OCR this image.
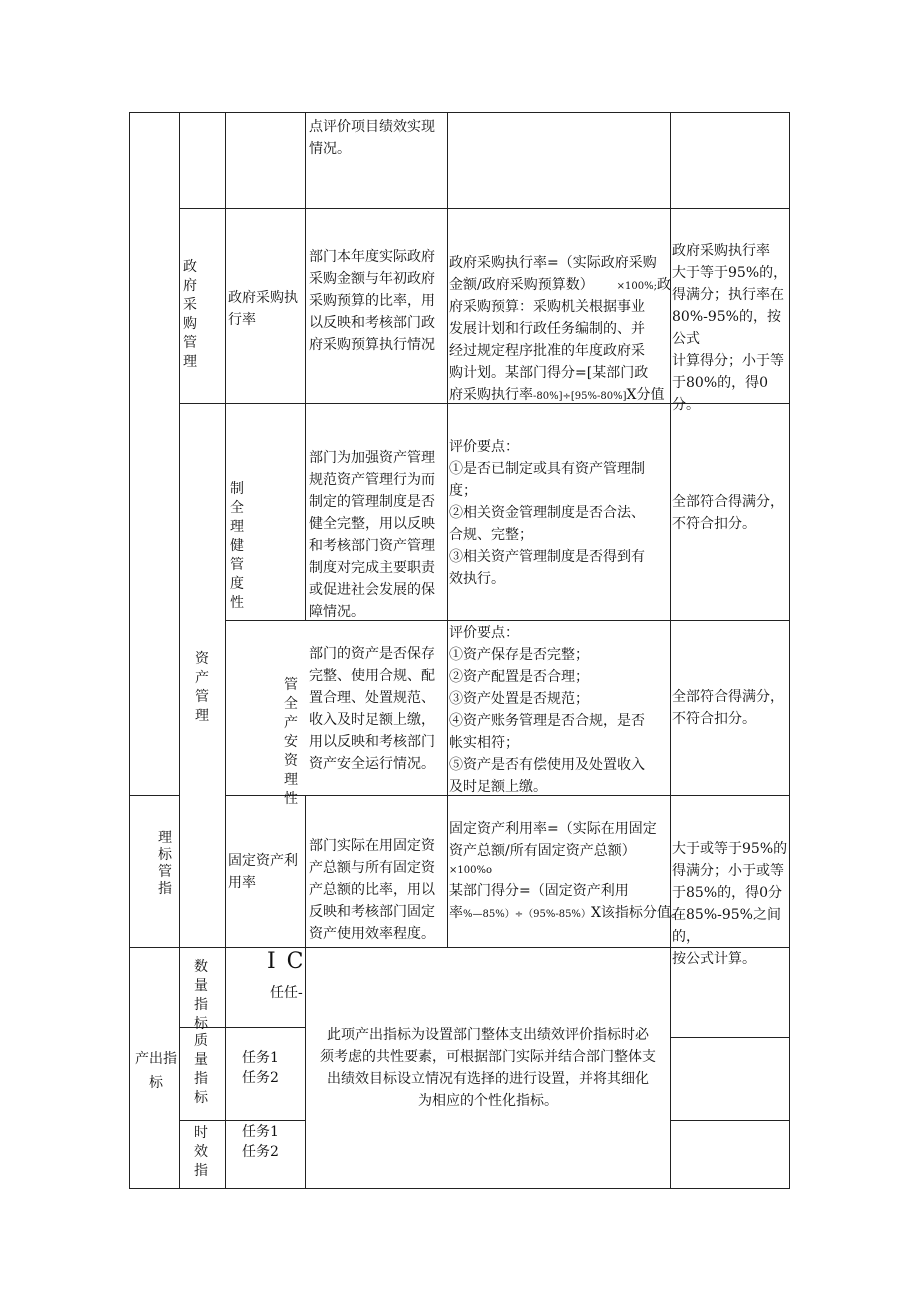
点评价项目绩效实现
情况。
政府采购管理
政府采购执
行率
部门本年度实际政府
采购金额与年初政府
采购预算的比率，用
以反映和考核部门政
府采购预算执行情况
政府采购执行率=（实际政府采购
金额/政府采购预算数）	×100%;政
府采购预算：采购机关根据事业
发展计划和行政任务编制的、并
经过规定程序批准的年度政府采
购计划。某部门得分=[某部门政
府采购执行率-80%]÷[95%-80%]X分值
政府采购执行率
大于等于95%的，
得满分；执行率在
80%-95%的，按公式
计算得分；小于等
于80%的，得0分。
资产管理
制全理健管度性
部门为加强资产管理
规范资产管理行为而
制定的管理制度是否
健全完整，用以反映
和考核部门资产管理
制度对完成主要职责
或促进社会发展的保
障情况。
评价要点：
①是否已制定或具有资产管理制
度；
②相关资金管理制度是否合法、
合规、完整；
③相关资产管理制度是否得到有
效执行。
全部符合得满分，
不符合扣分。
管全产安资理性
部门的资产是否保存
完整、使用合规、配
置合理、处置规范、
收入及时足额上缴，
用以反映和考核部门
资产安全运行情况。
评价要点：
①资产保存是否完整；
②资产配置是否合理；
③资产处置是否规范；
④资产账务管理是否合规，是否
帐实相符；
⑤资产是否有偿使用及处置收入
及时足额上缴。
全部符合得满分，
不符合扣分。
理标管指
固定资产利
用率
部门实际在用固定资
产总额与所有固定资
产总额的比率，用以
反映和考核部门固定
资产使用效率程度。
固定资产利用率=（实际在用固定
资产总额/所有固定资产总额）
×100%o
某部门得分=（固定资产利用
率%—85%）÷（95%-85%）X该指标分值。
大于或等于95%的
得满分；小于或等
于85%的，得0分
在85%-95%之间的，
按公式计算。
产出指标
数量指标
I C
任任-
质量指标
任务1
任务2
时效指
任务1
任务2
此项产出指标为设置部门整体支出绩效评价指标时必
须考虑的共性要素，可根据部门实际并结合部门整体支
出绩效目标设立情况有选择的进行设置，并将其细化
为相应的个性化指标。
